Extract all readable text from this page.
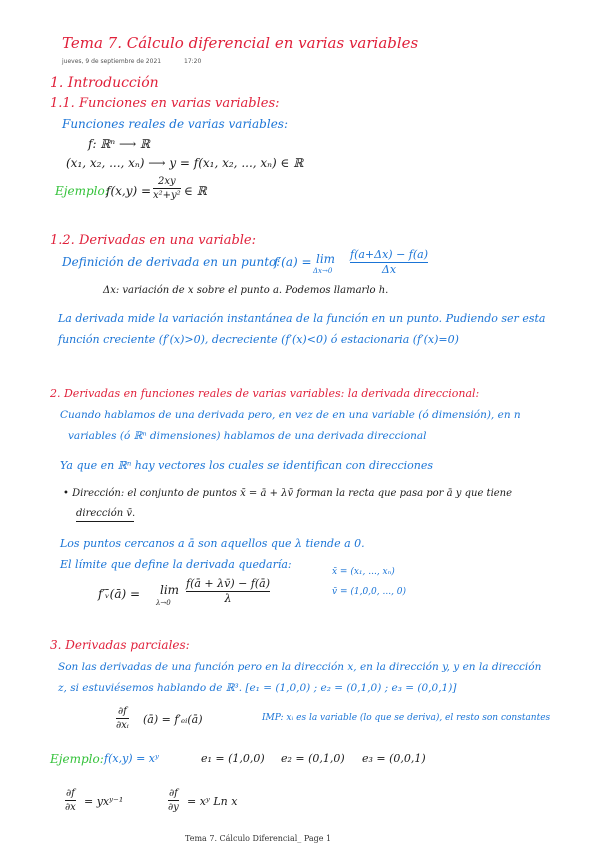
Tema 7. Cálculo diferencial en varias variables
jueves, 9 de septiembre de 2021	17:20
1. Introducción
1.1. Funciones en varias variables:
Funciones reales de varias variables:
f: ℝⁿ ⟶ ℝ
(x₁, x₂, ..., xₙ) ⟶ y = f(x₁, x₂, ..., xₙ) ∈ ℝ
Ejemplo:
f(x,y) =
2xy
x²+y² ∈ ℝ
1.2. Derivadas en una variable:
Definición de derivada en un punto:
f′(a) = lim
Δx→0
f(a+Δx) − f(a)
Δx
Δx: variación de x sobre el punto a. Podemos llamarlo h.
La derivada mide la variación instantánea de la función en un punto. Pudiendo ser esta
función creciente (f′(x)>0), decreciente (f′(x)<0) ó estacionaria (f′(x)=0)
2. Derivadas en funciones reales de varias variables: la derivada direccional:
Cuando hablamos de una derivada pero, en vez de en una variable (ó dimensión), en n
variables (ó ℝⁿ dimensiones) hablamos de una derivada direccional
Ya que en ℝⁿ hay vectores los cuales se identifican con direcciones
• Dirección: el conjunto de puntos x̄ = ā + λv̄ forman la recta que pasa por ā y que tiene
dirección v̄.
Los puntos cercanos a ā son aquellos que λ tiende a 0.
El límite que define la derivada quedaría:
f′ᵥ̄(ā) = lim
λ→0
f(ā + λv̄) − f(ā)
λ
x̄ = (x₁, ..., xₙ)
v̄ = (1,0,0, ..., 0)
3. Derivadas parciales:
Son las derivadas de una función pero en la dirección x, en la dirección y, y en la dirección
z, si estuviésemos hablando de ℝ³. [e₁ = (1,0,0) ; e₂ = (0,1,0) ; e₃ = (0,0,1)]
∂f
∂xᵢ (ā) = f′ₑᵢ(ā)	IMP: xᵢ es la variable (lo que se deriva), el resto son constantes
Ejemplo: f(x,y) = xʸ	e₁ = (1,0,0) e₂ = (0,1,0) e₃ = (0,0,1)
∂f
∂x = yxʸ⁻¹
∂f
∂y = xʸ Ln x
Tema 7. Cálculo Diferencial_ Page 1
